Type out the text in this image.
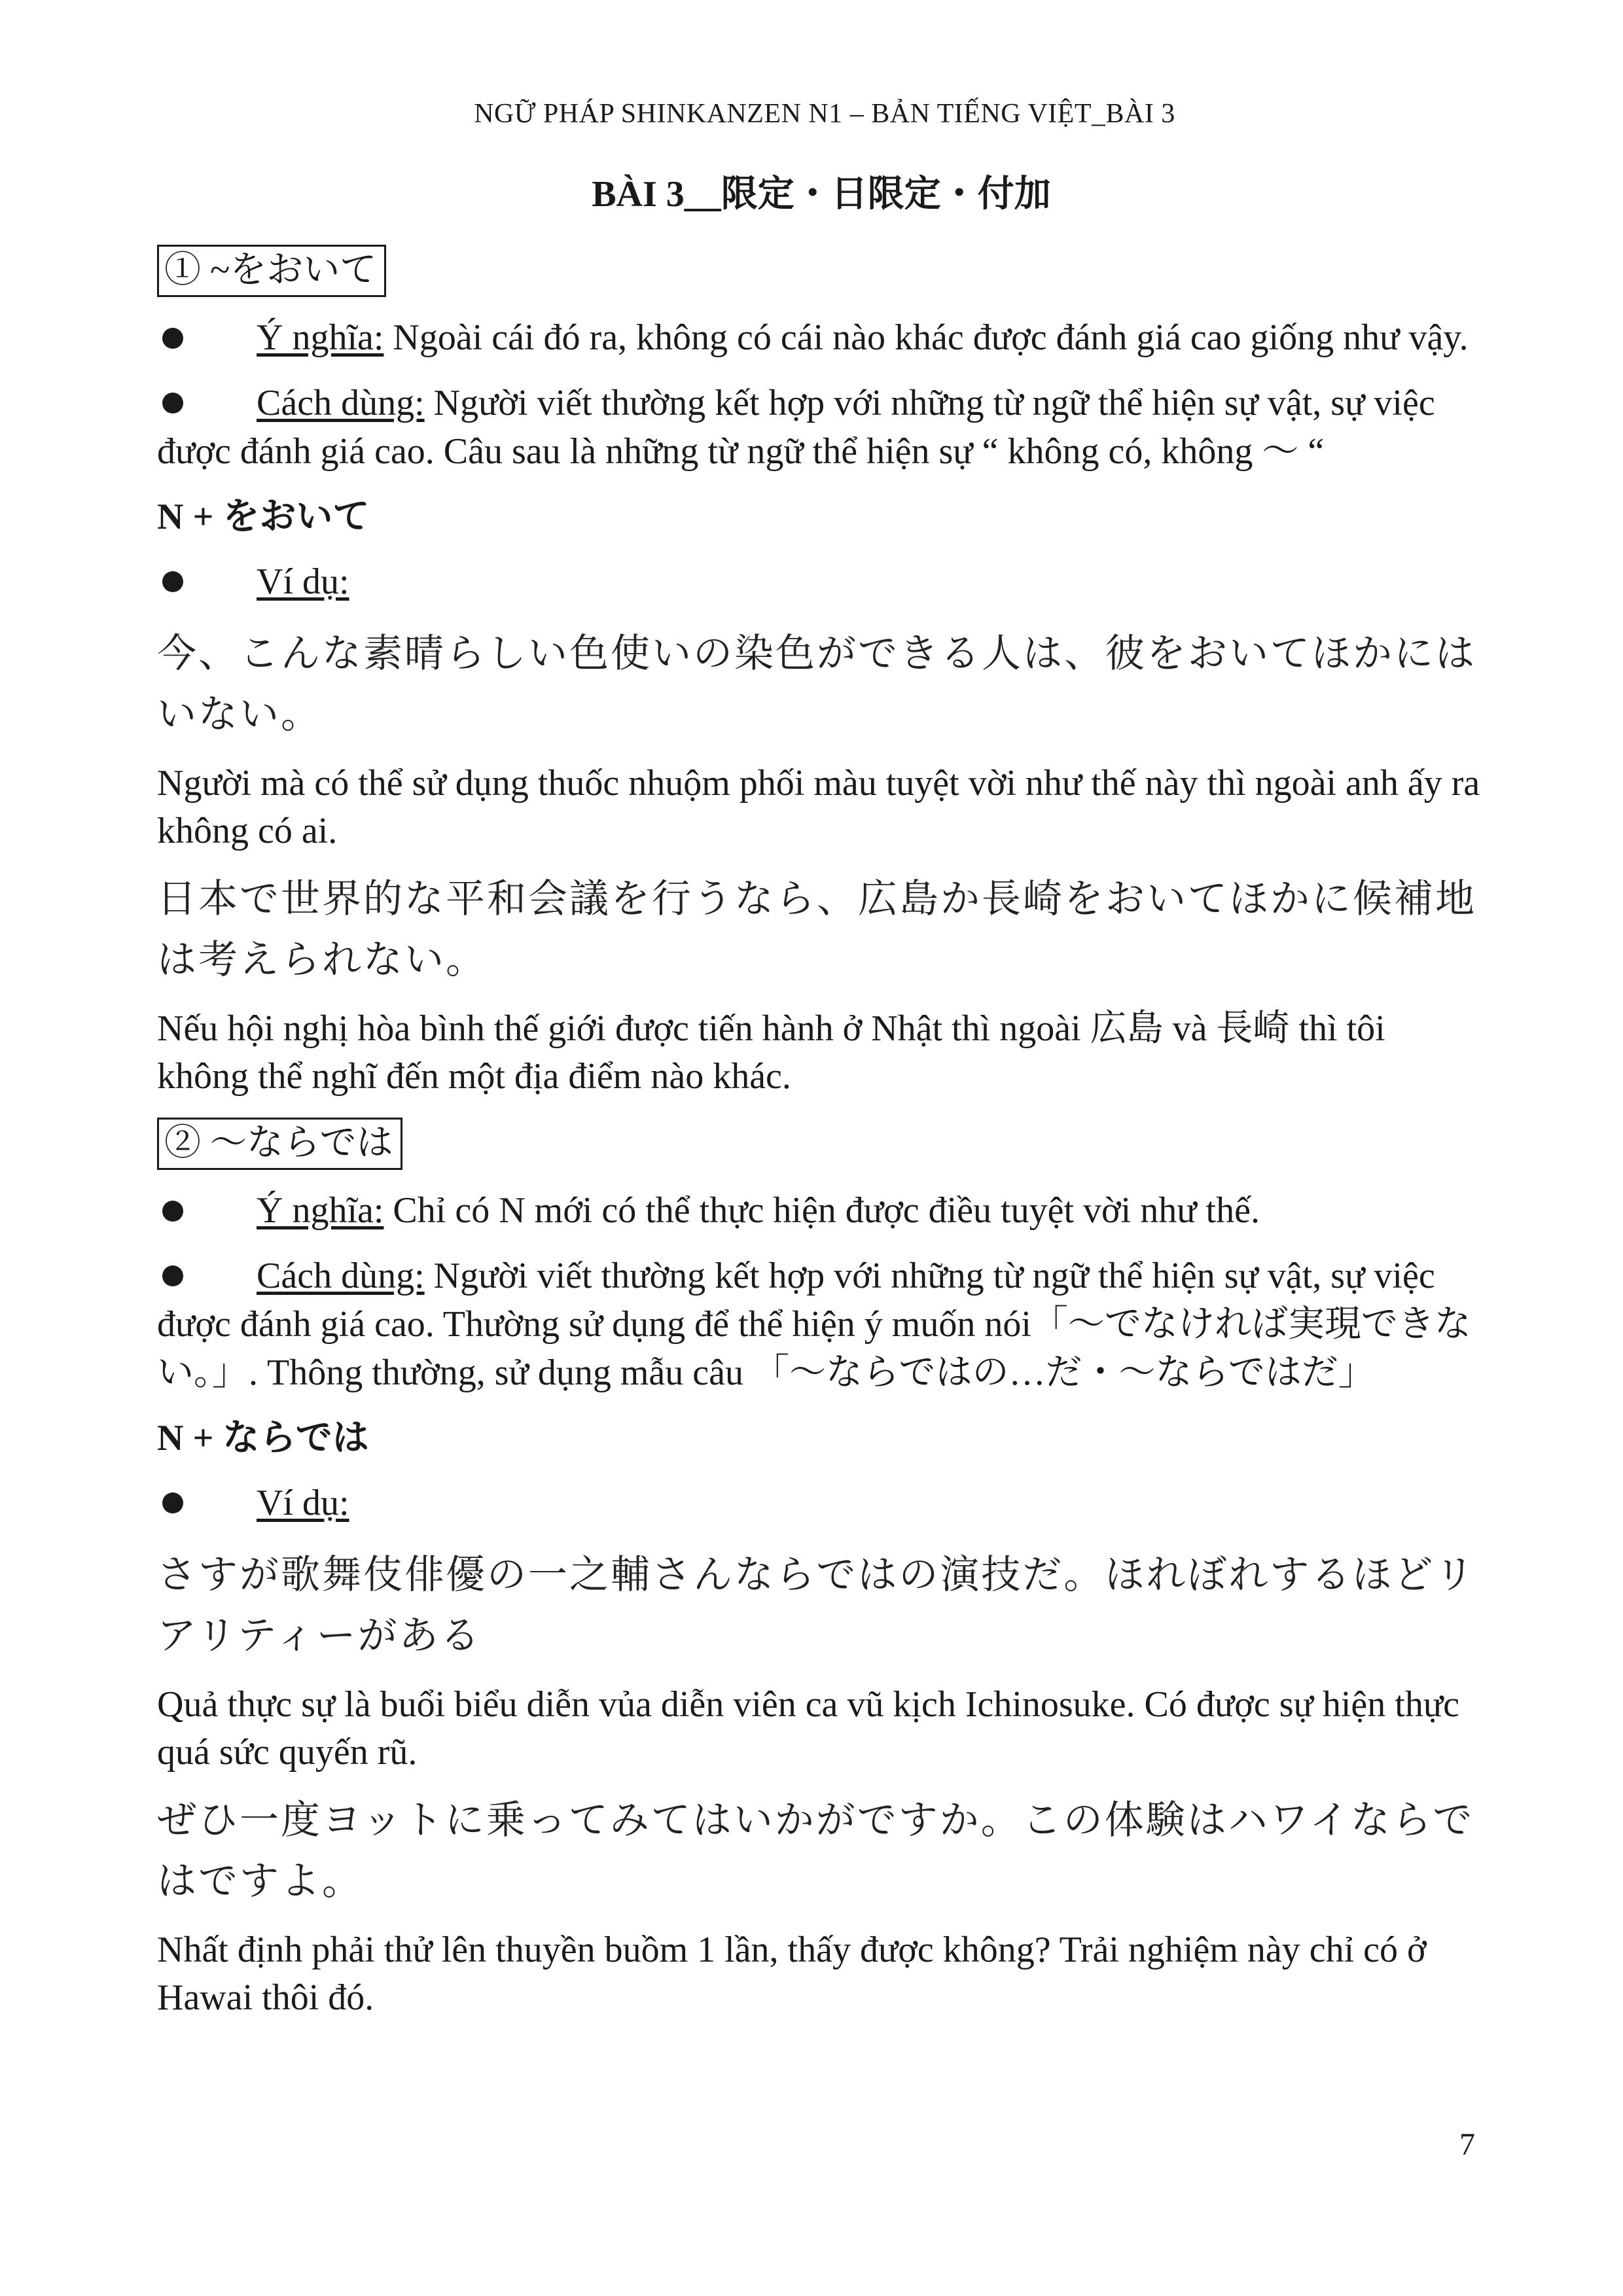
NGỮ PHÁP SHINKANZEN N1 – BẢN TIẾNG VIỆT_BÀI 3
BÀI 3__限定・日限定・付加
① ~をおいて
Ý nghĩa: Ngoài cái đó ra, không có cái nào khác được đánh giá cao giống như vậy.
Cách dùng: Người viết thường kết hợp với những từ ngữ thể hiện sự vật, sự việc được đánh giá cao. Câu sau là những từ ngữ thể hiện sự “ không có, không ～ “
N + をおいて
Ví dụ:
今、こんな素晴らしい色使いの染色ができる人は、彼をおいてほかにはいない。
Người mà có thể sử dụng thuốc nhuộm phối màu tuyệt vời như thế này thì ngoài anh ấy ra không có ai.
日本で世界的な平和会議を行うなら、広島か長崎をおいてほかに候補地は考えられない。
Nếu hội nghị hòa bình thế giới được tiến hành ở Nhật thì ngoài 広島 và 長崎 thì tôi không thể nghĩ đến một địa điểm nào khác.
② ～ならでは
Ý nghĩa: Chỉ có N mới có thể thực hiện được điều tuyệt vời như thế.
Cách dùng: Người viết thường kết hợp với những từ ngữ thể hiện sự vật, sự việc được đánh giá cao. Thường sử dụng để thể hiện ý muốn nói「～でなければ実現できない。」. Thông thường, sử dụng mẫu câu 「～ならではの…だ・～ならではだ」
N + ならでは
Ví dụ:
さすが歌舞伎俳優の一之輔さんならではの演技だ。ほれぼれするほどリアリティーがある
Quả thực sự là buổi biểu diễn vủa diễn viên ca vũ kịch Ichinosuke. Có được sự hiện thực quá sức quyến rũ.
ぜひ一度ヨットに乗ってみてはいかがですか。この体験はハワイならではですよ。
Nhất định phải thử lên thuyền buồm 1 lần, thấy được không? Trải nghiệm này chỉ có ở Hawai thôi đó.
7
